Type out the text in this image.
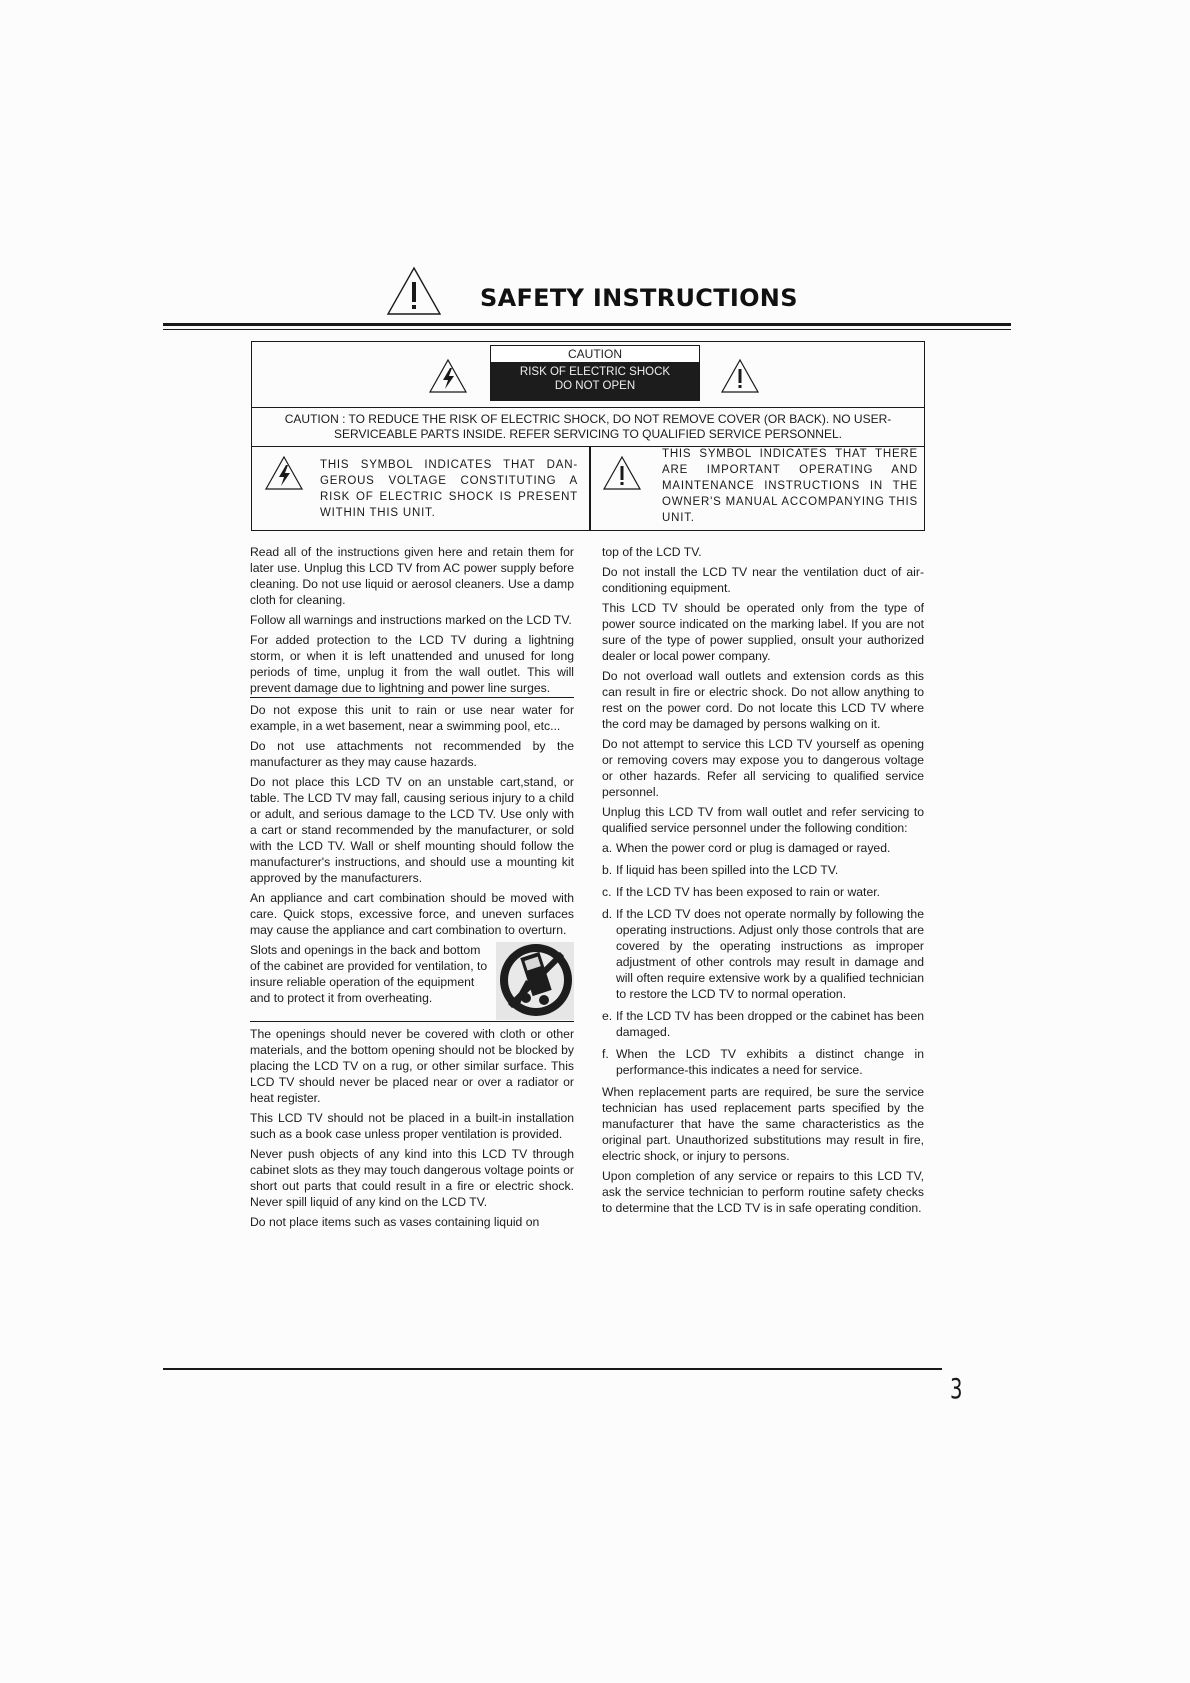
SAFETY INSTRUCTIONS
CAUTION
RISK OF ELECTRIC SHOCK
DO NOT OPEN
CAUTION : TO REDUCE THE RISK OF ELECTRIC SHOCK, DO NOT REMOVE COVER (OR BACK). NO USER-SERVICEABLE PARTS INSIDE. REFER SERVICING TO QUALIFIED SERVICE PERSONNEL.
THIS SYMBOL INDICATES THAT DAN-GEROUS VOLTAGE CONSTITUTING A RISK OF ELECTRIC SHOCK IS PRESENT WITHIN THIS UNIT.
THIS SYMBOL INDICATES THAT THERE ARE IMPORTANT OPERATING AND MAINTENANCE INSTRUCTIONS IN THE OWNER'S MANUAL ACCOMPANYING THIS UNIT.

Read all of the instructions given here and retain them for later use. Unplug this LCD TV from AC power supply before cleaning. Do not use liquid or aerosol cleaners. Use a damp cloth for cleaning.

Follow all warnings and instructions marked on the LCD TV.

For added protection to the LCD TV during a lightning storm, or when it is left unattended and unused for long periods of time, unplug it from the wall outlet. This will prevent damage due to lightning and power line surges.

Do not expose this unit to rain or use near water for example, in a wet basement, near a swimming pool, etc...

Do not use attachments not recommended by the manufacturer as they may cause hazards.

Do not place this LCD TV on an unstable cart,stand, or table. The LCD TV may fall, causing serious injury to a child or adult, and serious damage to the LCD TV. Use only with a cart or stand recommended by the manufacturer, or sold with the LCD TV. Wall or shelf mounting should follow the manufacturer's instructions, and should use a mounting kit approved by the manufacturers.

An appliance and cart combination should be moved with care. Quick stops, excessive force, and uneven surfaces may cause the appliance and cart combination to overturn.

Slots and openings in the back and bottom of the cabinet are provided for ventilation, to insure reliable operation of the equipment and to protect it from overheating.

The openings should never be covered with cloth or other materials, and the bottom opening should not be blocked by placing the LCD TV on a rug, or other similar surface. This LCD TV should never be placed near or over a radiator or heat register.

This LCD TV should not be placed in a built-in installation such as a book case unless proper ventilation is provided.

Never push objects of any kind into this LCD TV through cabinet slots as they may touch dangerous voltage points or short out parts that could result in a fire or electric shock. Never spill liquid of any kind on the LCD TV.

Do not place items such as vases containing liquid on

top of the LCD TV.

Do not install the LCD TV near the ventilation duct of air-conditioning equipment.

This LCD TV should be operated only from the type of power source indicated on the marking label. If you are not sure of the type of power supplied, onsult your authorized dealer or local power company.

Do not overload wall outlets and extension cords as this can result in fire or electric shock. Do not allow anything to rest on the power cord. Do not locate this LCD TV where the cord may be damaged by persons walking on it.

Do not attempt to service this LCD TV yourself as opening or removing covers may expose you to dangerous voltage or other hazards. Refer all servicing to qualified service personnel.

Unplug this LCD TV from wall outlet and refer servicing to qualified service personnel under the following condition:

a. When the power cord or plug is damaged or rayed.
b. If liquid has been spilled into the LCD TV.
c. If the LCD TV has been exposed to rain or water.
d. If the LCD TV does not operate normally by following the operating instructions. Adjust only those controls that are covered by the operating instructions as improper adjustment of other controls may result in damage and will often require extensive work by a qualified technician to restore the LCD TV to normal operation.
e. If the LCD TV has been dropped or the cabinet has been damaged.
f. When the LCD TV exhibits a distinct change in performance-this indicates a need for service.

When replacement parts are required, be sure the service technician has used replacement parts specified by the manufacturer that have the same characteristics as the original part. Unauthorized substitutions may result in fire, electric shock, or injury to persons.

Upon completion of any service or repairs to this LCD TV, ask the service technician to perform routine safety checks to determine that the LCD TV is in safe operating condition.

3
